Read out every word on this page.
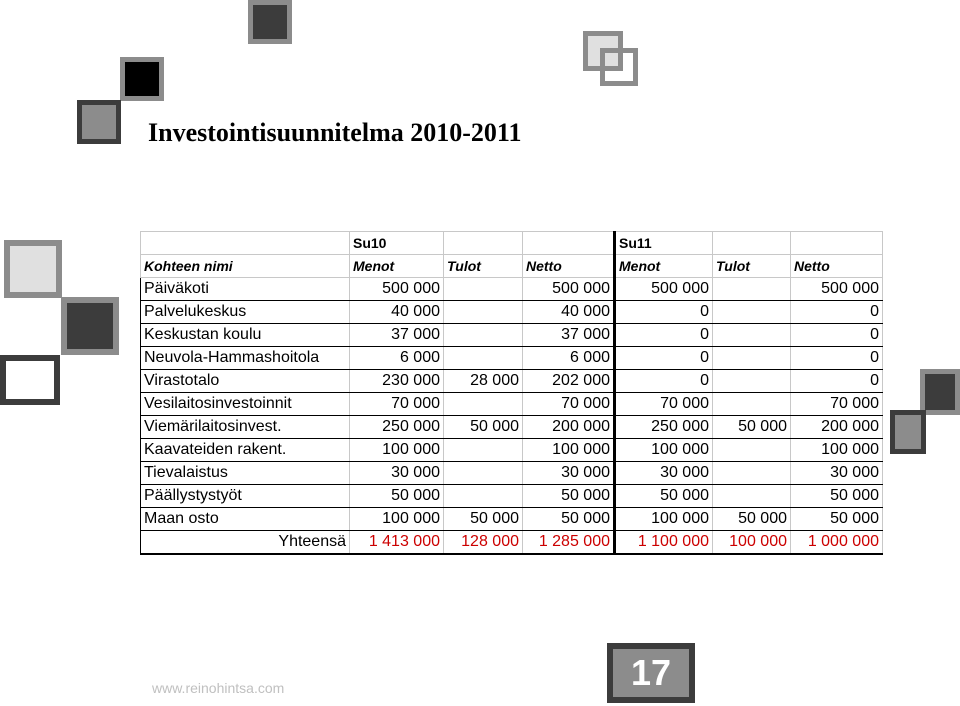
Investointisuunnitelma 2010-2011
	Su10			Su11		
Kohteen nimi	Menot	Tulot	Netto	Menot	Tulot	Netto
Päiväkoti	500 000		500 000	500 000		500 000
Palvelukeskus	40 000		40 000	0		0
Keskustan koulu	37 000		37 000	0		0
Neuvola-Hammashoitola	6 000		6 000	0		0
Virastotalo	230 000	28 000	202 000	0		0
Vesilaitosinvestoinnit	70 000		70 000	70 000		70 000
Viemärilaitosinvest.	250 000	50 000	200 000	250 000	50 000	200 000
Kaavateiden rakent.	100 000		100 000	100 000		100 000
Tievalaistus	30 000		30 000	30 000		30 000
Päällystystyöt	50 000		50 000	50 000		50 000
Maan osto	100 000	50 000	50 000	100 000	50 000	50 000
Yhteensä	1 413 000	128 000	1 285 000	1 100 000	100 000	1 000 000
www.reinohintsa.com	17
